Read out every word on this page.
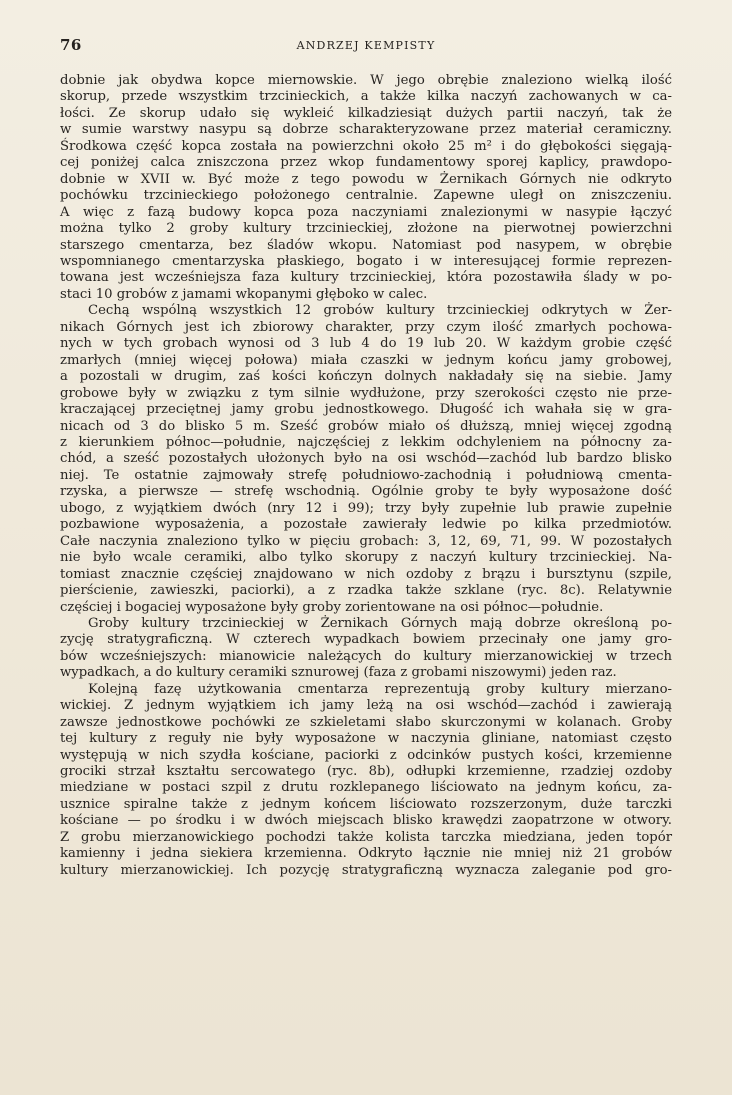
76	ANDRZEJ KEMPISTY

dobnie jak obydwa kopce miernowskie. W jego obrębie znaleziono wielką ilość

skorup, przede wszystkim trzcinieckich, a także kilka naczyń zachowanych w ca-

łości. Ze skorup udało się wykleić kilkadziesiąt dużych partii naczyń, tak że

w sumie warstwy nasypu są dobrze scharakteryzowane przez materiał ceramiczny.

Środkowa część kopca została na powierzchni około 25 m² i do głębokości sięgają-

cej poniżej calca zniszczona przez wkop fundamentowy sporej kaplicy, prawdopo-

dobnie w XVII w. Być może z tego powodu w Żernikach Górnych nie odkryto

pochówku trzcinieckiego położonego centralnie. Zapewne uległ on zniszczeniu.

A więc z fazą budowy kopca poza naczyniami znalezionymi w nasypie łączyć

można tylko 2 groby kultury trzcinieckiej, złożone na pierwotnej powierzchni

starszego cmentarza, bez śladów wkopu. Natomiast pod nasypem, w obrębie

wspomnianego cmentarzyska płaskiego, bogato i w interesującej formie reprezen-

towana jest wcześniejsza faza kultury trzcinieckiej, która pozostawiła ślady w po-

staci 10 grobów z jamami wkopanymi głęboko w calec.

Cechą wspólną wszystkich 12 grobów kultury trzcinieckiej odkrytych w Żer-

nikach Górnych jest ich zbiorowy charakter, przy czym ilość zmarłych pochowa-

nych w tych grobach wynosi od 3 lub 4 do 19 lub 20. W każdym grobie część

zmarłych (mniej więcej połowa) miała czaszki w jednym końcu jamy grobowej,

a pozostali w drugim, zaś kości kończyn dolnych nakładały się na siebie. Jamy

grobowe były w związku z tym silnie wydłużone, przy szerokości często nie prze-

kraczającej przeciętnej jamy grobu jednostkowego. Długość ich wahała się w gra-

nicach od 3 do blisko 5 m. Sześć grobów miało oś dłuższą, mniej więcej zgodną

z kierunkiem północ—południe, najczęściej z lekkim odchyleniem na północny za-

chód, a sześć pozostałych ułożonych było na osi wschód—zachód lub bardzo blisko

niej. Te ostatnie zajmowały strefę południowo-zachodnią i południową cmenta-

rzyska, a pierwsze — strefę wschodnią. Ogólnie groby te były wyposażone dość

ubogo, z wyjątkiem dwóch (nry 12 i 99); trzy były zupełnie lub prawie zupełnie

pozbawione wyposażenia, a pozostałe zawierały ledwie po kilka przedmiotów.

Całe naczynia znaleziono tylko w pięciu grobach: 3, 12, 69, 71, 99. W pozostałych

nie było wcale ceramiki, albo tylko skorupy z naczyń kultury trzcinieckiej. Na-

tomiast znacznie częściej znajdowano w nich ozdoby z brązu i bursztynu (szpile,

pierścienie, zawieszki, paciorki), a z rzadka także szklane (ryc. 8c). Relatywnie

częściej i bogaciej wyposażone były groby zorientowane na osi północ—południe.

Groby kultury trzcinieckiej w Żernikach Górnych mają dobrze określoną po-

zycję stratygraficzną. W czterech wypadkach bowiem przecinały one jamy gro-

bów wcześniejszych: mianowicie należących do kultury mierzanowickiej w trzech

wypadkach, a do kultury ceramiki sznurowej (faza z grobami niszowymi) jeden raz.

Kolejną fazę użytkowania cmentarza reprezentują groby kultury mierzano-

wickiej. Z jednym wyjątkiem ich jamy leżą na osi wschód—zachód i zawierają

zawsze jednostkowe pochówki ze szkieletami słabo skurczonymi w kolanach. Groby

tej kultury z reguły nie były wyposażone w naczynia gliniane, natomiast często

występują w nich szydła kościane, paciorki z odcinków pustych kości, krzemienne

grociki strzał kształtu sercowatego (ryc. 8b), odłupki krzemienne, rzadziej ozdoby

miedziane w postaci szpil z drutu rozklepanego liściowato na jednym końcu, za-

usznice spiralne także z jednym końcem liściowato rozszerzonym, duże tarczki

kościane — po środku i w dwóch miejscach blisko krawędzi zaopatrzone w otwory.

Z grobu mierzanowickiego pochodzi także kolista tarczka miedziana, jeden topór

kamienny i jedna siekiera krzemienna. Odkryto łącznie nie mniej niż 21 grobów

kultury mierzanowickiej. Ich pozycję stratygraficzną wyznacza zaleganie pod gro-
